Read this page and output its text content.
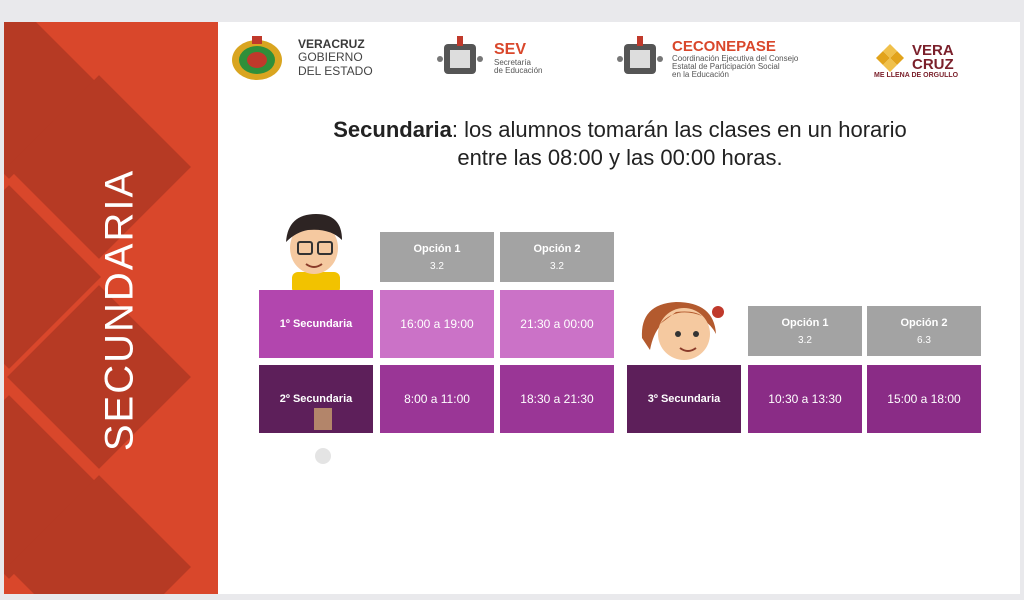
SECUNDARIA
VERACRUZ
GOBIERNO
DEL ESTADO
SEV
Secretaría
de Educación
CECONEPASE
Coordinación Ejecutiva del Consejo
Estatal de Participación Social
en la Educación
VERA
CRUZ
ME LLENA DE ORGULLO
Secundaria: los alumnos tomarán las clases en un horario
entre las 08:00 y las 00:00 horas.
Opción 1
3.2
Opción 2
3.2
1º Secundaria	16:00 a 19:00	21:30 a 00:00
2º Secundaria	8:00 a 11:00	18:30 a 21:30
Opción 1
3.2
Opción 2
6.3
3º Secundaria	10:30 a 13:30	15:00 a 18:00
